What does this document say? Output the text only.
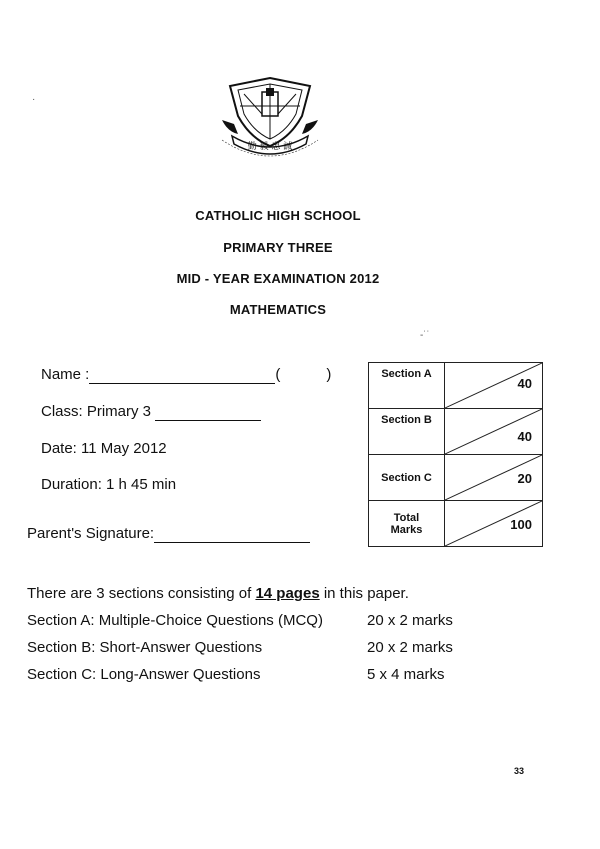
勤 毅 忠 誠
CATHOLIC HIGH SCHOOL
PRIMARY THREE
MID - YEAR EXAMINATION 2012
MATHEMATICS
-˙˙
·
Name :	(	)
Class: Primary 3
Date: 11 May 2012
Duration: 1 h 45 min
Parent's Signature:
Section A	40

Section B	40

Section C	20

Total
Marks	100
There are 3 sections consisting of 14 pages in this paper.
Section A: Multiple-Choice Questions (MCQ)	20 x 2 marks
Section B: Short-Answer Questions	20 x 2 marks
Section C: Long-Answer Questions	5 x 4 marks
33
